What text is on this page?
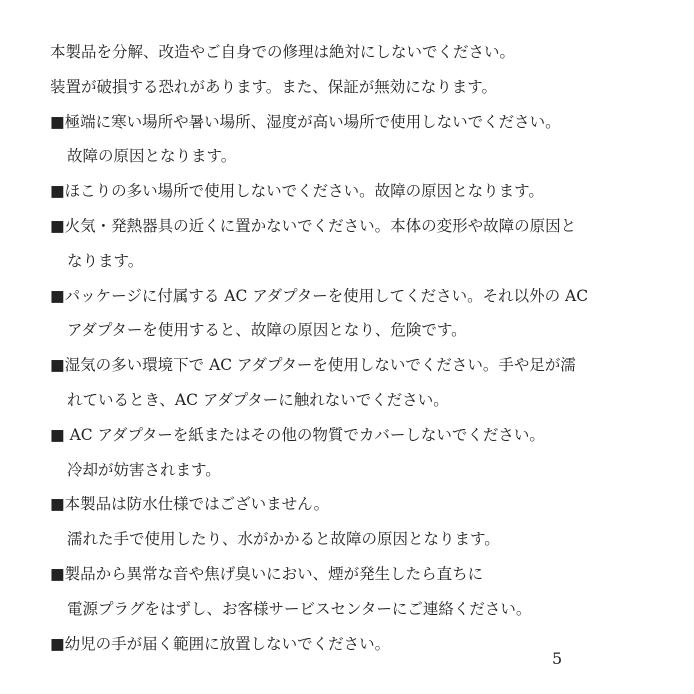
本製品を分解、改造やご自身での修理は絶対にしないでください。
装置が破損する恐れがあります。また、保証が無効になります。
■極端に寒い場所や暑い場所、湿度が高い場所で使用しないでください。
故障の原因となります。
■ほこりの多い場所で使用しないでください。故障の原因となります。
■火気・発熱器具の近くに置かないでください。本体の変形や故障の原因と
なります。
■パッケージに付属する AC アダプターを使用してください。それ以外の AC
アダプターを使用すると、故障の原因となり、危険です。
■湿気の多い環境下で AC アダプターを使用しないでください。手や足が濡
れているとき、AC アダプターに触れないでください。
■ AC アダプターを紙またはその他の物質でカバーしないでください。
冷却が妨害されます。
■本製品は防水仕様ではございません。
濡れた手で使用したり、水がかかると故障の原因となります。
■製品から異常な音や焦げ臭いにおい、煙が発生したら直ちに
電源プラグをはずし、お客様サービスセンターにご連絡ください。
■幼児の手が届く範囲に放置しないでください。
5
